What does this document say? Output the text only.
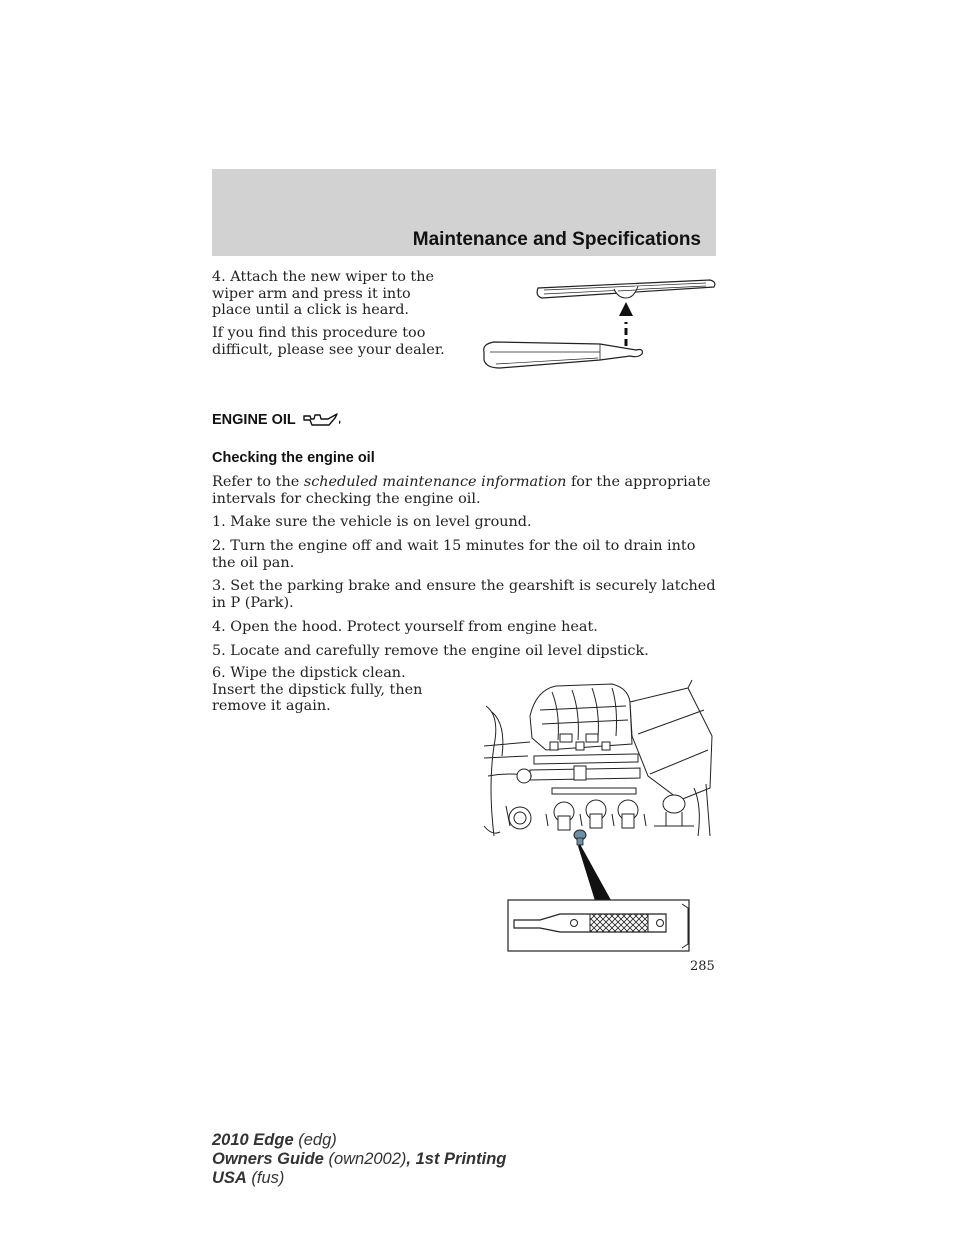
Maintenance and Specifications

4. Attach the new wiper to the wiper arm and press it into place until a click is heard.

If you find this procedure too difficult, please see your dealer.

ENGINE OIL
Checking the engine oil

Refer to the scheduled maintenance information for the appropriate intervals for checking the engine oil.

1. Make sure the vehicle is on level ground.

2. Turn the engine off and wait 15 minutes for the oil to drain into the oil pan.

3. Set the parking brake and ensure the gearshift is securely latched in P (Park).

4. Open the hood. Protect yourself from engine heat.

5. Locate and carefully remove the engine oil level dipstick.

6. Wipe the dipstick clean. Insert the dipstick fully, then remove it again.

285
2010 Edge (edg)
Owners Guide (own2002), 1st Printing
USA (fus)
